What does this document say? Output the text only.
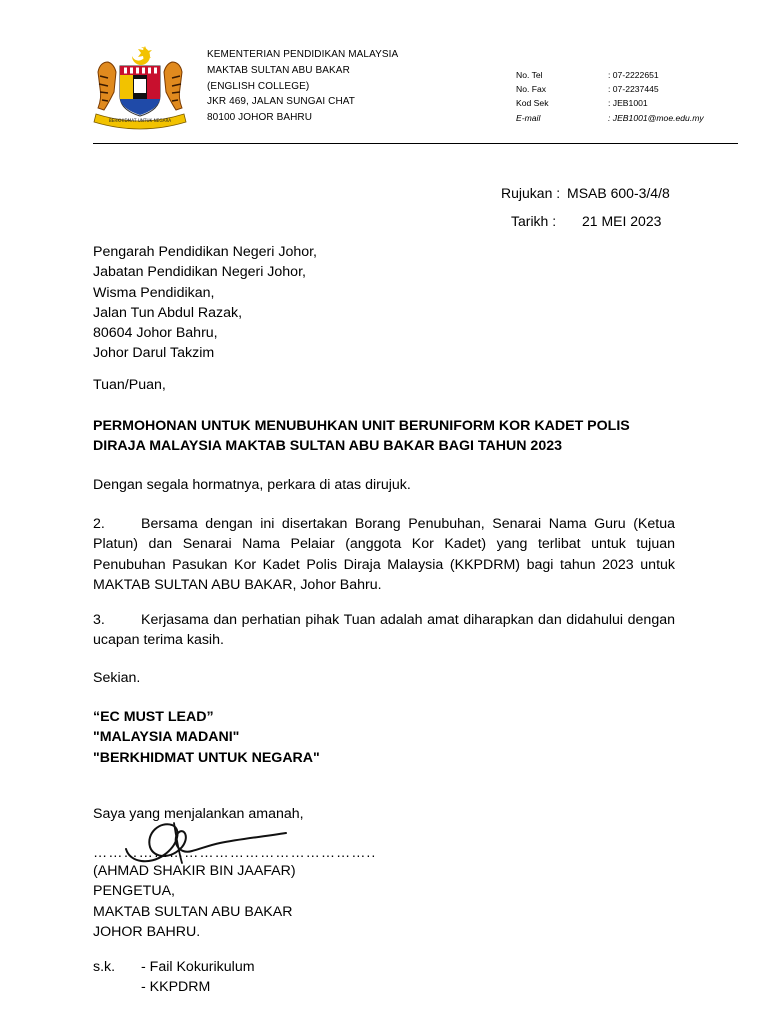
BERKHIDMAT UNTUK NEGARA
KEMENTERIAN PENDIDIKAN MALAYSIA
MAKTAB SULTAN ABU BAKAR
(ENGLISH COLLEGE)
JKR 469, JALAN SUNGAI CHAT
80100 JOHOR BAHRU
No. Tel	: 07-2222651
No. Fax	: 07-2237445
Kod Sek	: JEB1001
E-mail	: JEB1001@moe.edu.my
Rujukan : MSAB 600-3/4/8
Tarikh : 21 MEI 2023
Pengarah Pendidikan Negeri Johor,
Jabatan Pendidikan Negeri Johor,
Wisma Pendidikan,
Jalan Tun Abdul Razak,
80604 Johor Bahru,
Johor Darul Takzim
Tuan/Puan,
PERMOHONAN UNTUK MENUBUHKAN UNIT BERUNIFORM KOR KADET POLIS
DIRAJA MALAYSIA MAKTAB SULTAN ABU BAKAR BAGI TAHUN 2023
Dengan segala hormatnya, perkara di atas dirujuk.
2.	Bersama dengan ini disertakan Borang Penubuhan, Senarai Nama Guru (Ketua Platun) dan Senarai Nama Pelaiar (anggota Kor Kadet) yang terlibat untuk tujuan Penubuhan Pasukan Kor Kadet Polis Diraja Malaysia (KKPDRM) bagi tahun 2023 untuk MAKTAB SULTAN ABU BAKAR, Johor Bahru.
3.	Kerjasama dan perhatian pihak Tuan adalah amat diharapkan dan didahului dengan ucapan terima kasih.
Sekian.
“EC MUST LEAD”
"MALAYSIA MADANI"
"BERKHIDMAT UNTUK NEGARA"
Saya yang menjalankan amanah,
………………………………………………..
(AHMAD SHAKIR BIN JAAFAR)
PENGETUA,
MAKTAB SULTAN ABU BAKAR
JOHOR BAHRU.
s.k.	- Fail Kokurikulum
- KKPDRM
